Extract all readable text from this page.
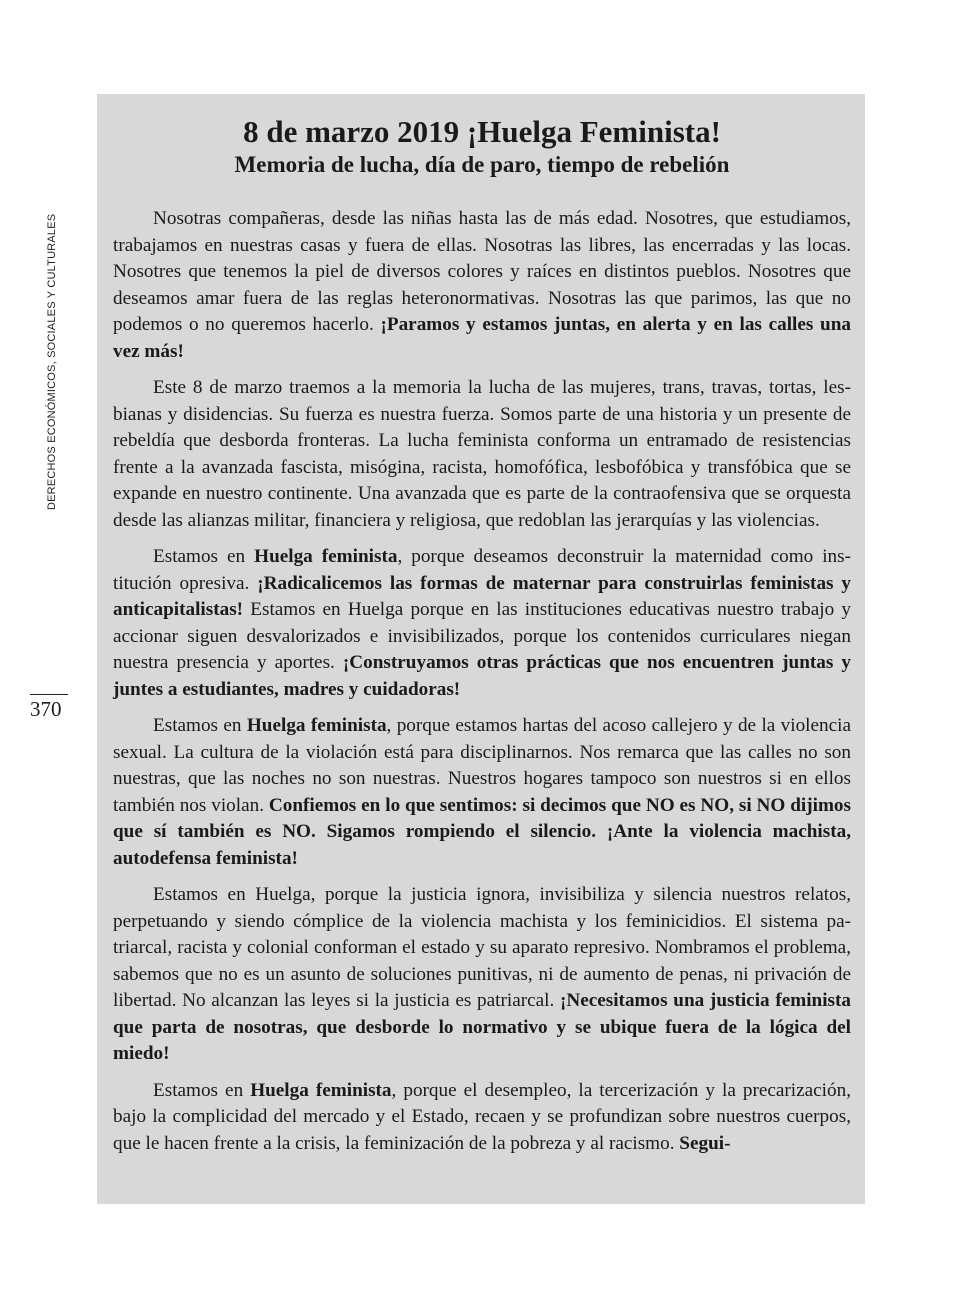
DERECHOS ECONÓMICOS, SOCIALES Y CULTURALES
370
8 de marzo 2019 ¡Huelga Feminista!
Memoria de lucha, día de paro, tiempo de rebelión

Nosotras compañeras, desde las niñas hasta las de más edad. Nosotres, que estudiamos, trabajamos en nuestras casas y fuera de ellas. Nosotras las libres, las encerradas y las locas. Nosotres que tenemos la piel de diversos colores y raíces en distintos pueblos. Nosotres que deseamos amar fuera de las reglas heteronormativas. Nosotras las que parimos, las que no podemos o no queremos hacerlo. ¡Paramos y estamos juntas, en alerta y en las calles una vez más!

Este 8 de marzo traemos a la memoria la lucha de las mujeres, trans, travas, tortas, lesbianas y disidencias. Su fuerza es nuestra fuerza. Somos parte de una historia y un presente de rebeldía que desborda fronteras. La lucha feminista conforma un entramado de resistencias frente a la avanzada fascista, misógina, racista, homofófica, lesbofóbica y transfóbica que se expande en nuestro continente. Una avanzada que es parte de la contraofensiva que se orquesta desde las alianzas militar, financiera y religiosa, que redoblan las jerarquías y las violencias.

Estamos en Huelga feminista, porque deseamos deconstruir la maternidad como institución opresiva. ¡Radicalicemos las formas de maternar para construirlas feministas y anticapitalistas! Estamos en Huelga porque en las instituciones educativas nuestro trabajo y accionar siguen desvalorizados e invisibilizados, porque los contenidos curriculares niegan nuestra presencia y aportes. ¡Construyamos otras prácticas que nos encuentren juntas y juntes a estudiantes, madres y cuidadoras!

Estamos en Huelga feminista, porque estamos hartas del acoso callejero y de la violencia sexual. La cultura de la violación está para disciplinarnos. Nos remarca que las calles no son nuestras, que las noches no son nuestras. Nuestros hogares tampoco son nuestros si en ellos también nos violan. Confiemos en lo que sentimos: si decimos que NO es NO, si NO dijimos que sí también es NO. Sigamos rompiendo el silencio. ¡Ante la violencia machista, autodefensa feminista!

Estamos en Huelga, porque la justicia ignora, invisibiliza y silencia nuestros relatos, perpetuando y siendo cómplice de la violencia machista y los feminicidios. El sistema patriarcal, racista y colonial conforman el estado y su aparato represivo. Nombramos el problema, sabemos que no es un asunto de soluciones punitivas, ni de aumento de penas, ni privación de libertad. No alcanzan las leyes si la justicia es patriarcal. ¡Necesitamos una justicia feminista que parta de nosotras, que desborde lo normativo y se ubique fuera de la lógica del miedo!

Estamos en Huelga feminista, porque el desempleo, la tercerización y la precarización, bajo la complicidad del mercado y el Estado, recaen y se profundizan sobre nuestros cuerpos, que le hacen frente a la crisis, la feminización de la pobreza y al racismo. Segui-
